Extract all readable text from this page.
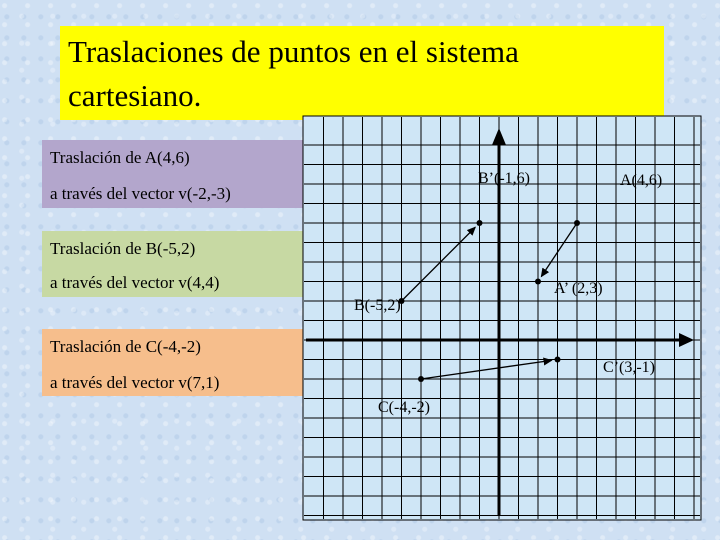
Traslaciones de puntos en el sistema cartesiano.
Traslación de A(4,6)
a través del vector v(-2,-3)
Traslación de B(-5,2)
a través del vector v(4,4)
Traslación de C(-4,-2)
a través del vector v(7,1)
B’(-1,6)	A(4,6)
A’ (2,3)
B(-5,2)
C’(3,-1)
C(-4,-2)
